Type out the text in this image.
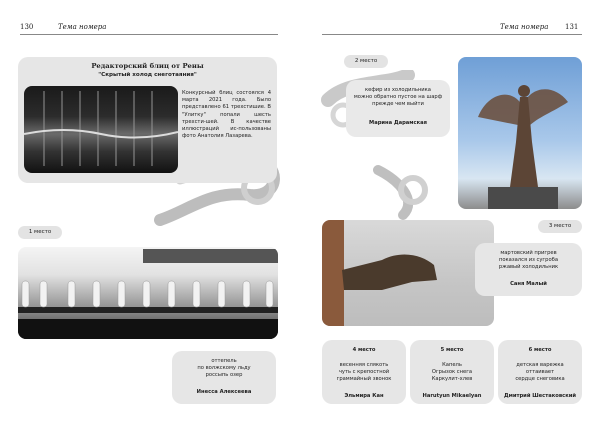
130	Тема номера	Тема номера 131
Редакторский блиц от Рены
"Скрытый холод снеготаяния"
Конкурсный блиц состоялся 4 марта 2021 года. Было представлено 61 трехстишие. В "Улитку" попали шесть трехсти-шей. В качестве иллюстраций ис-пользованы фото Анатолия Лазарева.
1 место
оттепель
по волжскому льду
россыпь озер
Инесса Алексеева
2 место
кефир из холодильника
можно обратно пустое на шарф
прежде чем выйти
Марина Дарамская
3 место
мартовский пригрев
показался из сугроба
ржавый холодильник
Саня Малый
4 место
весенняя слякоть
чуть с крепостной
граммайный звонок
Эльмира Кан
5 место
Капель
Огрызок снега
Каркулит-хлев
Harutyun Mikaelyan
6 место
детская варежка
оттаивает
сердце снеговика
Дмитрий Шестаковский
